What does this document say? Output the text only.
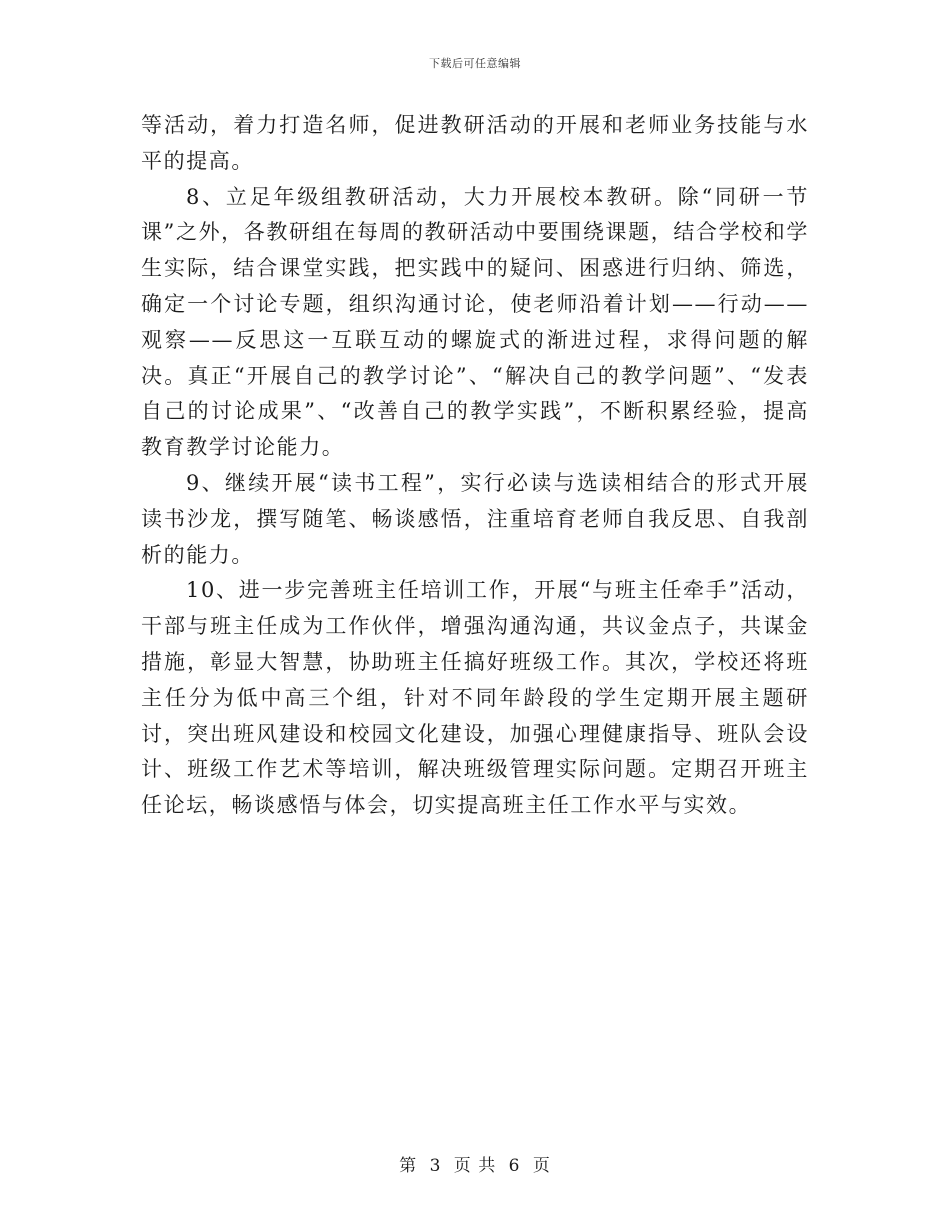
下载后可任意编辑

等活动，着力打造名师，促进教研活动的开展和老师业务技能与水平的提高。

8、立足年级组教研活动，大力开展校本教研。除“同研一节课”之外，各教研组在每周的教研活动中要围绕课题，结合学校和学生实际，结合课堂实践，把实践中的疑问、困惑进行归纳、筛选，确定一个讨论专题，组织沟通讨论，使老师沿着计划——行动——观察——反思这一互联互动的螺旋式的渐进过程，求得问题的解决。真正“开展自己的教学讨论”、“解决自己的教学问题”、“发表自己的讨论成果”、“改善自己的教学实践”，不断积累经验，提高教育教学讨论能力。

9、继续开展“读书工程”，实行必读与选读相结合的形式开展读书沙龙，撰写随笔、畅谈感悟，注重培育老师自我反思、自我剖析的能力。

10、进一步完善班主任培训工作，开展“与班主任牵手”活动，干部与班主任成为工作伙伴，增强沟通沟通，共议金点子，共谋金措施，彰显大智慧，协助班主任搞好班级工作。其次，学校还将班主任分为低中高三个组，针对不同年龄段的学生定期开展主题研讨，突出班风建设和校园文化建设，加强心理健康指导、班队会设计、班级工作艺术等培训，解决班级管理实际问题。定期召开班主任论坛，畅谈感悟与体会，切实提高班主任工作水平与实效。

第 3 页 共 6 页
